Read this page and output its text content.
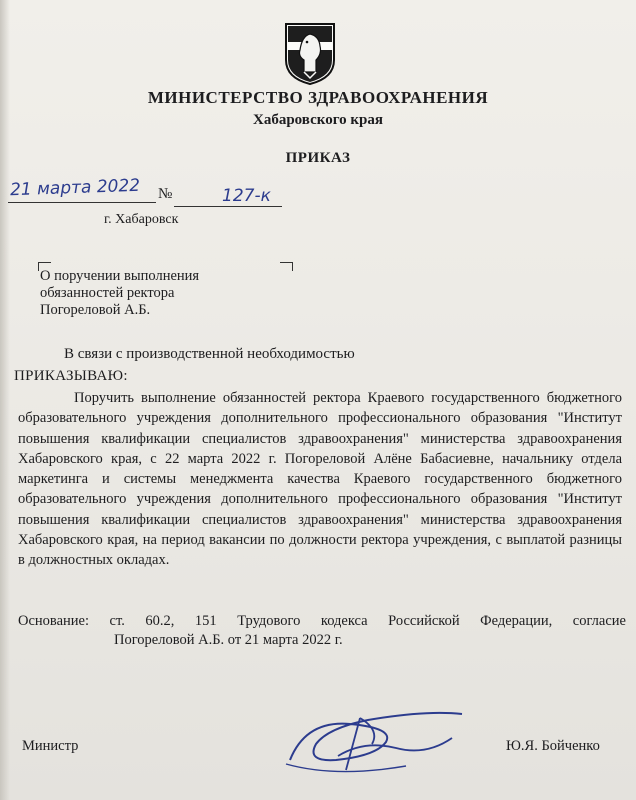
МИНИСТЕРСТВО ЗДРАВООХРАНЕНИЯ
Хабаровского края
ПРИКАЗ
21 марта 2022 №	127-к
г. Хабаровск
О поручении выполнения
обязанностей ректора
Погореловой А.Б.
В связи с производственной необходимостью
ПРИКАЗЫВАЮ:
Поручить выполнение обязанностей ректора Краевого государственного бюджетного образовательного учреждения дополнительного профессионального образования "Институт повышения квалификации специалистов здравоохранения" министерства здравоохранения Хабаровского края, с 22 марта 2022 г. Погореловой Алёне Бабасиевне, начальнику отдела маркетинга и системы менеджмента качества Краевого государственного бюджетного образовательного учреждения дополнительного профессионального образования "Институт повышения квалификации специалистов здравоохранения" министерства здравоохранения Хабаровского края, на период вакансии по должности ректора учреждения, с выплатой разницы в должностных окладах.
Основание: ст. 60.2, 151 Трудового кодекса Российской Федерации, согласие
Погореловой А.Б. от 21 марта 2022 г.
Министр	Ю.Я. Бойченко
